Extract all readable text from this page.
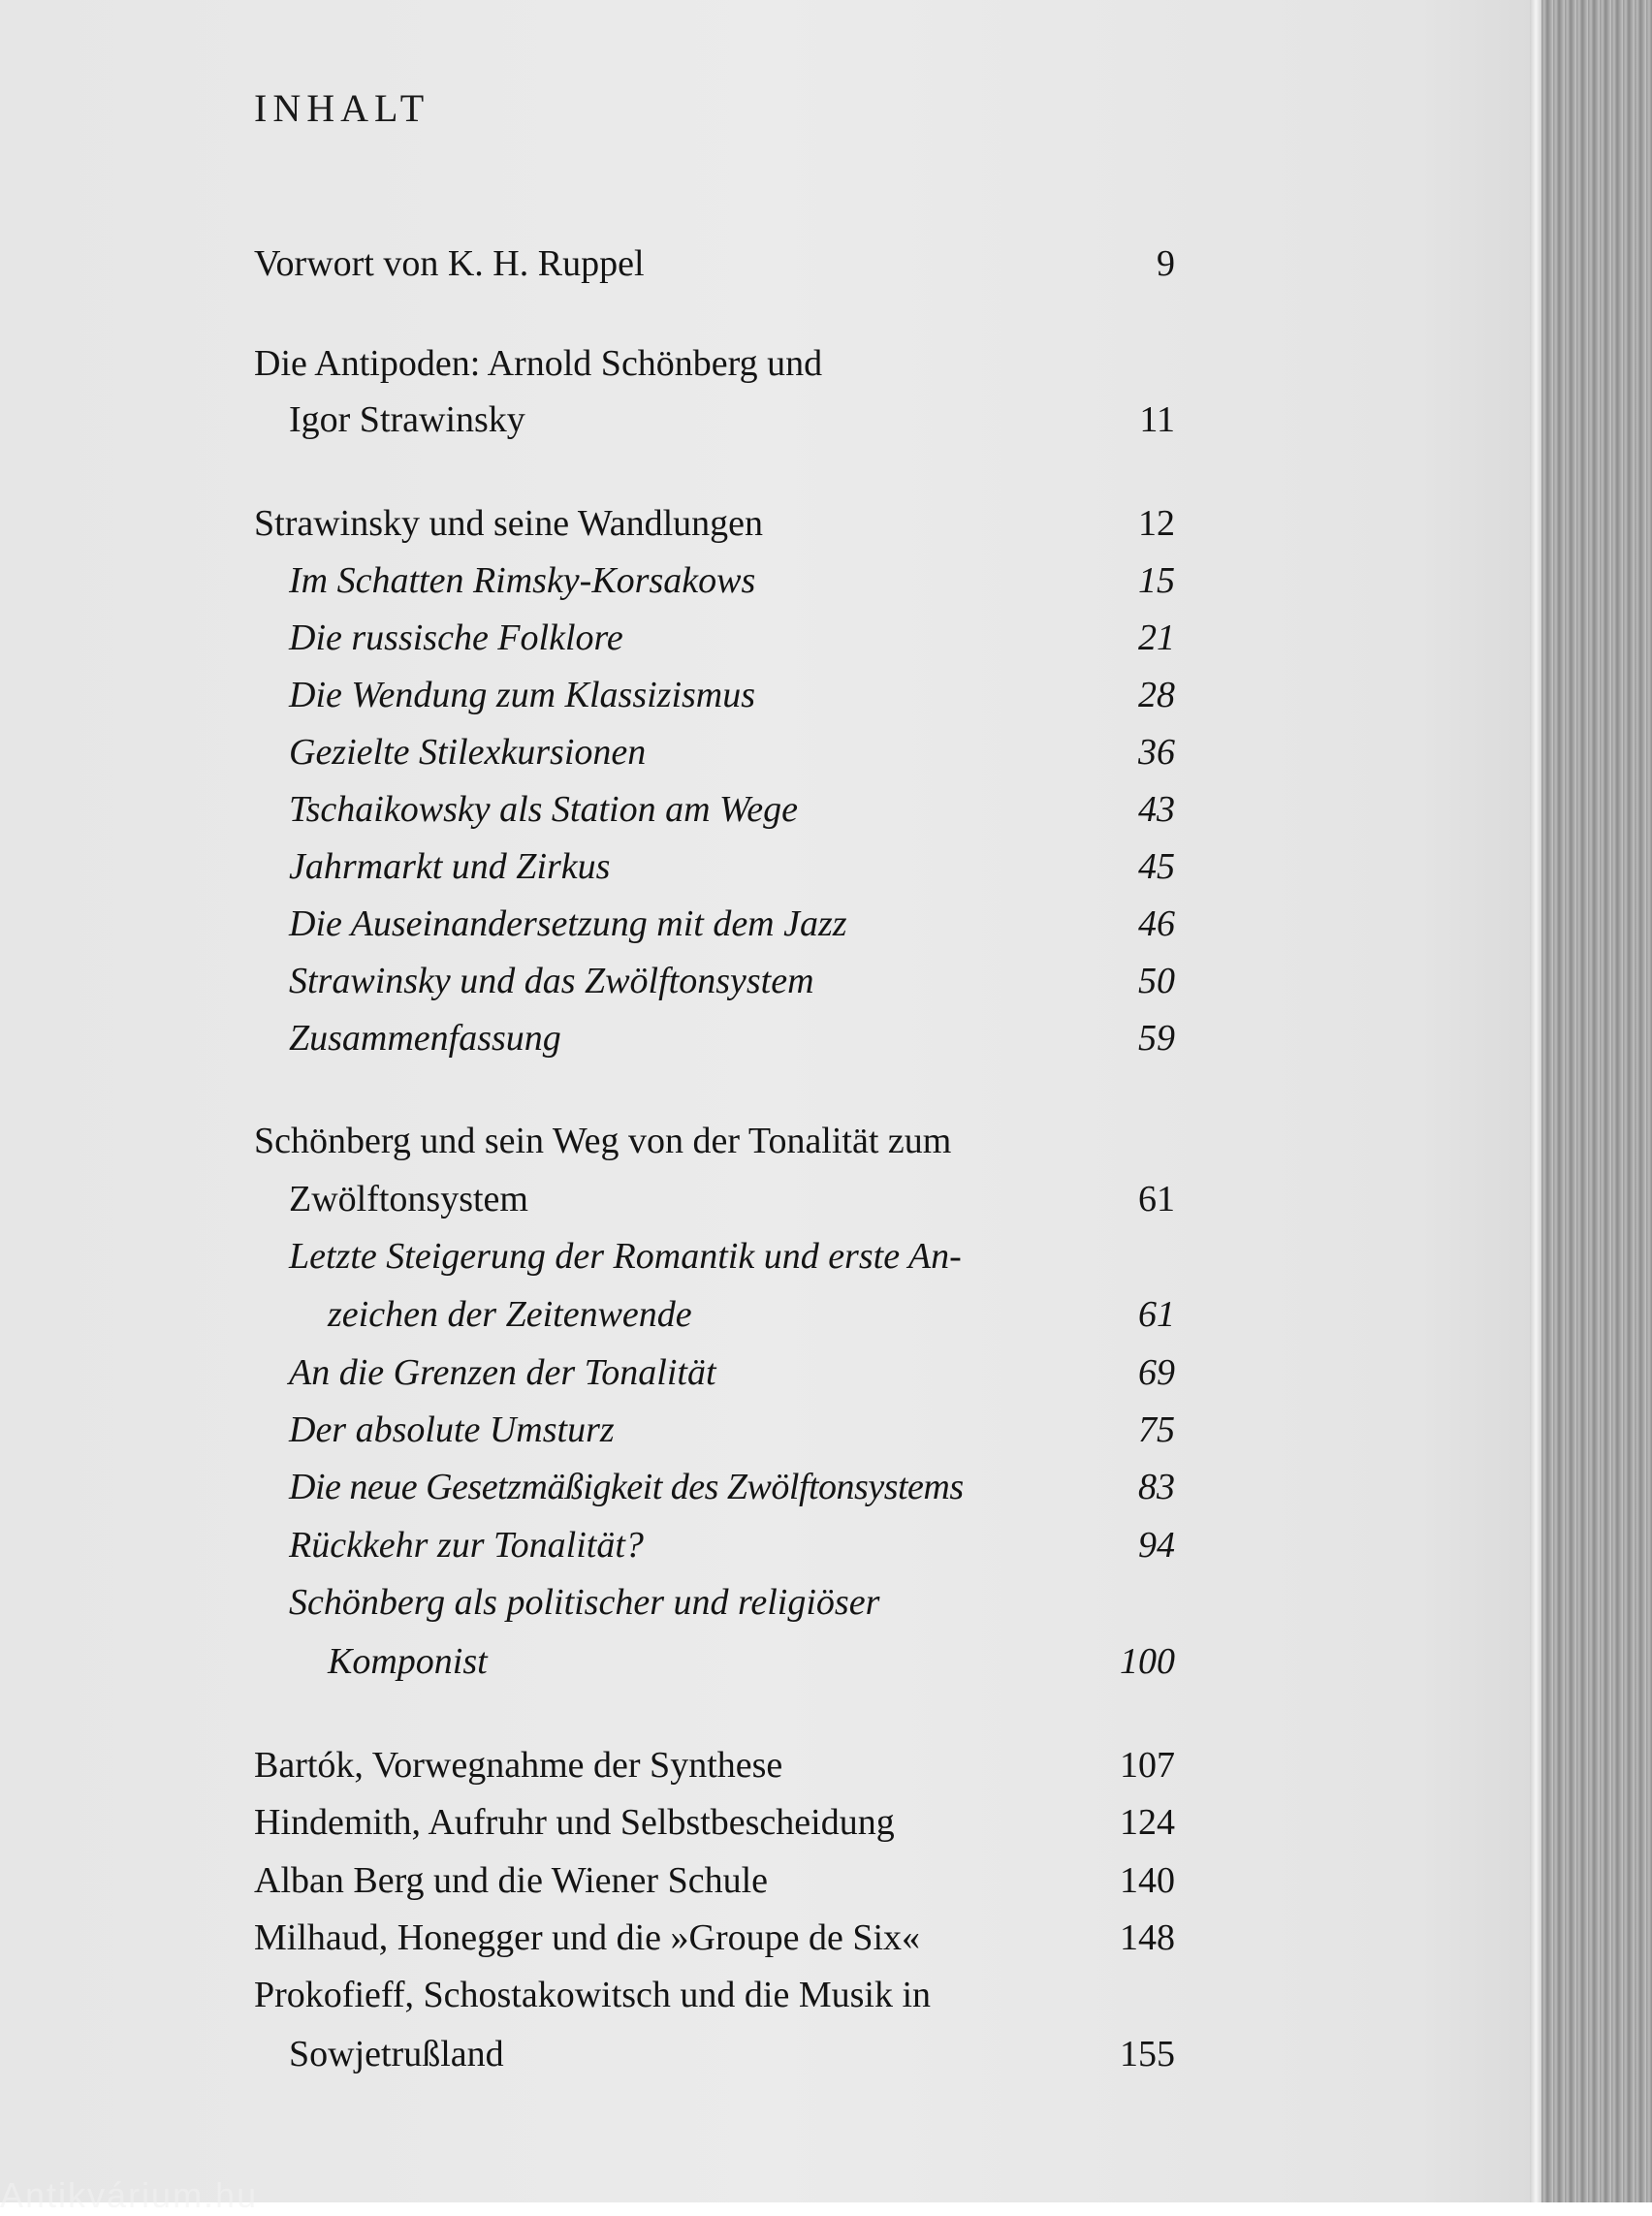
INHALT
Vorwort von K. H. Ruppel	9
Die Antipoden: Arnold Schönberg und
Igor Strawinsky	11
Strawinsky und seine Wandlungen	12
Im Schatten Rimsky-Korsakows	15
Die russische Folklore	21
Die Wendung zum Klassizismus	28
Gezielte Stilexkursionen	36
Tschaikowsky als Station am Wege	43
Jahrmarkt und Zirkus	45
Die Auseinandersetzung mit dem Jazz	46
Strawinsky und das Zwölftonsystem	50
Zusammenfassung	59
Schönberg und sein Weg von der Tonalität zum
Zwölftonsystem	61
Letzte Steigerung der Romantik und erste An-
zeichen der Zeitenwende	61
An die Grenzen der Tonalität	69
Der absolute Umsturz	75
Die neue Gesetzmäßigkeit des Zwölftonsystems	83
Rückkehr zur Tonalität?	94
Schönberg als politischer und religiöser
Komponist	100
Bartók, Vorwegnahme der Synthese	107
Hindemith, Aufruhr und Selbstbescheidung	124
Alban Berg und die Wiener Schule	140
Milhaud, Honegger und die »Groupe de Six«	148
Prokofieff, Schostakowitsch und die Musik in
Sowjetrußland	155
Antikvárium.hu
